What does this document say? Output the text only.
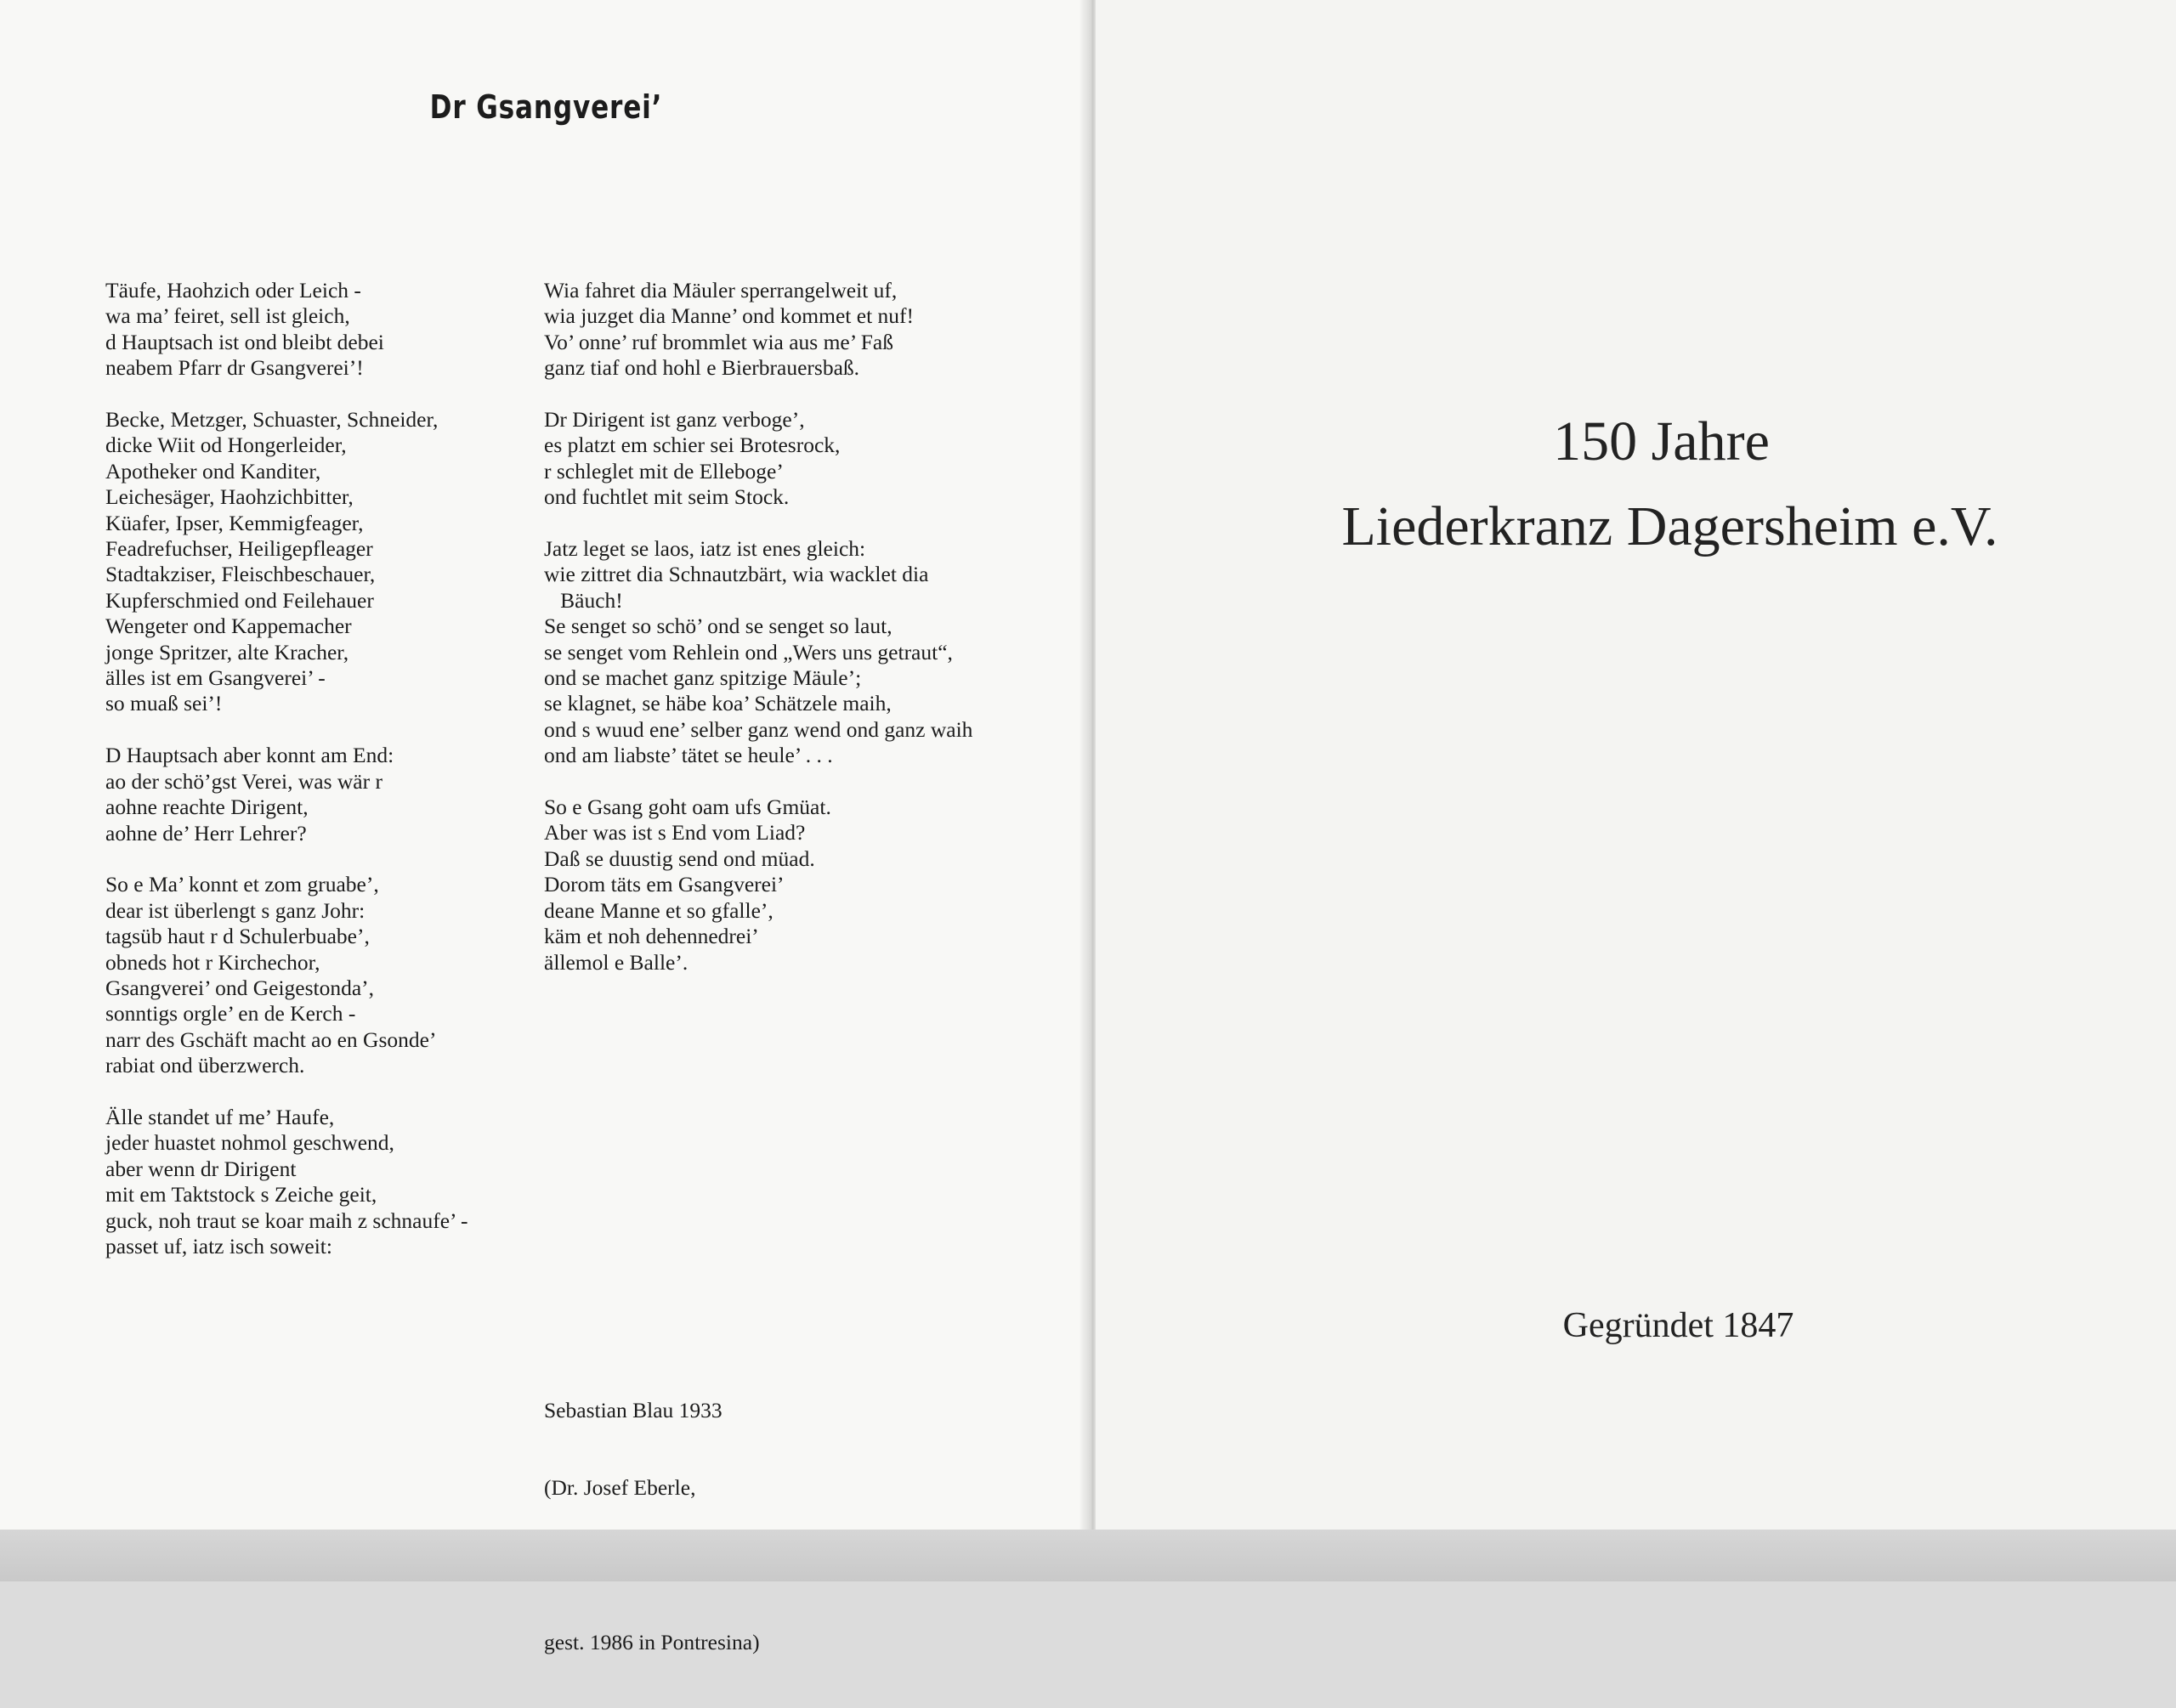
Dr Gsangverei’
Täufe, Haohzich oder Leich -
wa ma’ feiret, sell ist gleich,
d Hauptsach ist ond bleibt debei
neabem Pfarr dr Gsangverei’!
Becke, Metzger, Schuaster, Schneider,
dicke Wiit od Hongerleider,
Apotheker ond Kanditer,
Leichesäger, Haohzichbitter,
Küafer, Ipser, Kemmigfeager,
Feadrefuchser, Heiligepfleager
Stadtakziser, Fleischbeschauer,
Kupferschmied ond Feilehauer
Wengeter ond Kappemacher
jonge Spritzer, alte Kracher,
älles ist em Gsangverei’ -
so muaß sei’!
D Hauptsach aber konnt am End:
ao der schö’gst Verei, was wär r
aohne reachte Dirigent,
aohne de’ Herr Lehrer?
So e Ma’ konnt et zom gruabe’,
dear ist überlengt s ganz Johr:
tagsüb haut r d Schulerbuabe’,
obneds hot r Kirchechor,
Gsangverei’ ond Geigestonda’,
sonntigs orgle’ en de Kerch -
narr des Gschäft macht ao en Gsonde’
rabiat ond überzwerch.
Älle standet uf me’ Haufe,
jeder huastet nohmol geschwend,
aber wenn dr Dirigent
mit em Taktstock s Zeiche geit,
guck, noh traut se koar maih z schnaufe’ -
passet uf, iatz isch soweit:
Wia fahret dia Mäuler sperrangelweit uf,
wia juzget dia Manne’ ond kommet et nuf!
Vo’ onne’ ruf brommlet wia aus me’ Faß
ganz tiaf ond hohl e Bierbrauersbaß.
Dr Dirigent ist ganz verboge’,
es platzt em schier sei Brotesrock,
r schleglet mit de Elleboge’
ond fuchtlet mit seim Stock.
Jatz leget se laos, iatz ist enes gleich:
wie zittret dia Schnautzbärt, wia wacklet dia
Bäuch!
Se senget so schö’ ond se senget so laut,
se senget vom Rehlein ond „Wers uns getraut“,
ond se machet ganz spitzige Mäule’;
se klagnet, se häbe koa’ Schätzele maih,
ond s wuud ene’ selber ganz wend ond ganz waih
ond am liabste’ tätet se heule’ . . .
So e Gsang goht oam ufs Gmüat.
Aber was ist s End vom Liad?
Daß se duustig send ond müad.
Dorom täts em Gsangverei’
deane Manne et so gfalle’,
käm et noh dehennedrei’
ällemol e Balle’.

Sebastian Blau 1933

(Dr. Josef Eberle,

gest. 1986 in Pontresina)

150 Jahre
Liederkranz Dagersheim e.V.
Gegründet 1847
